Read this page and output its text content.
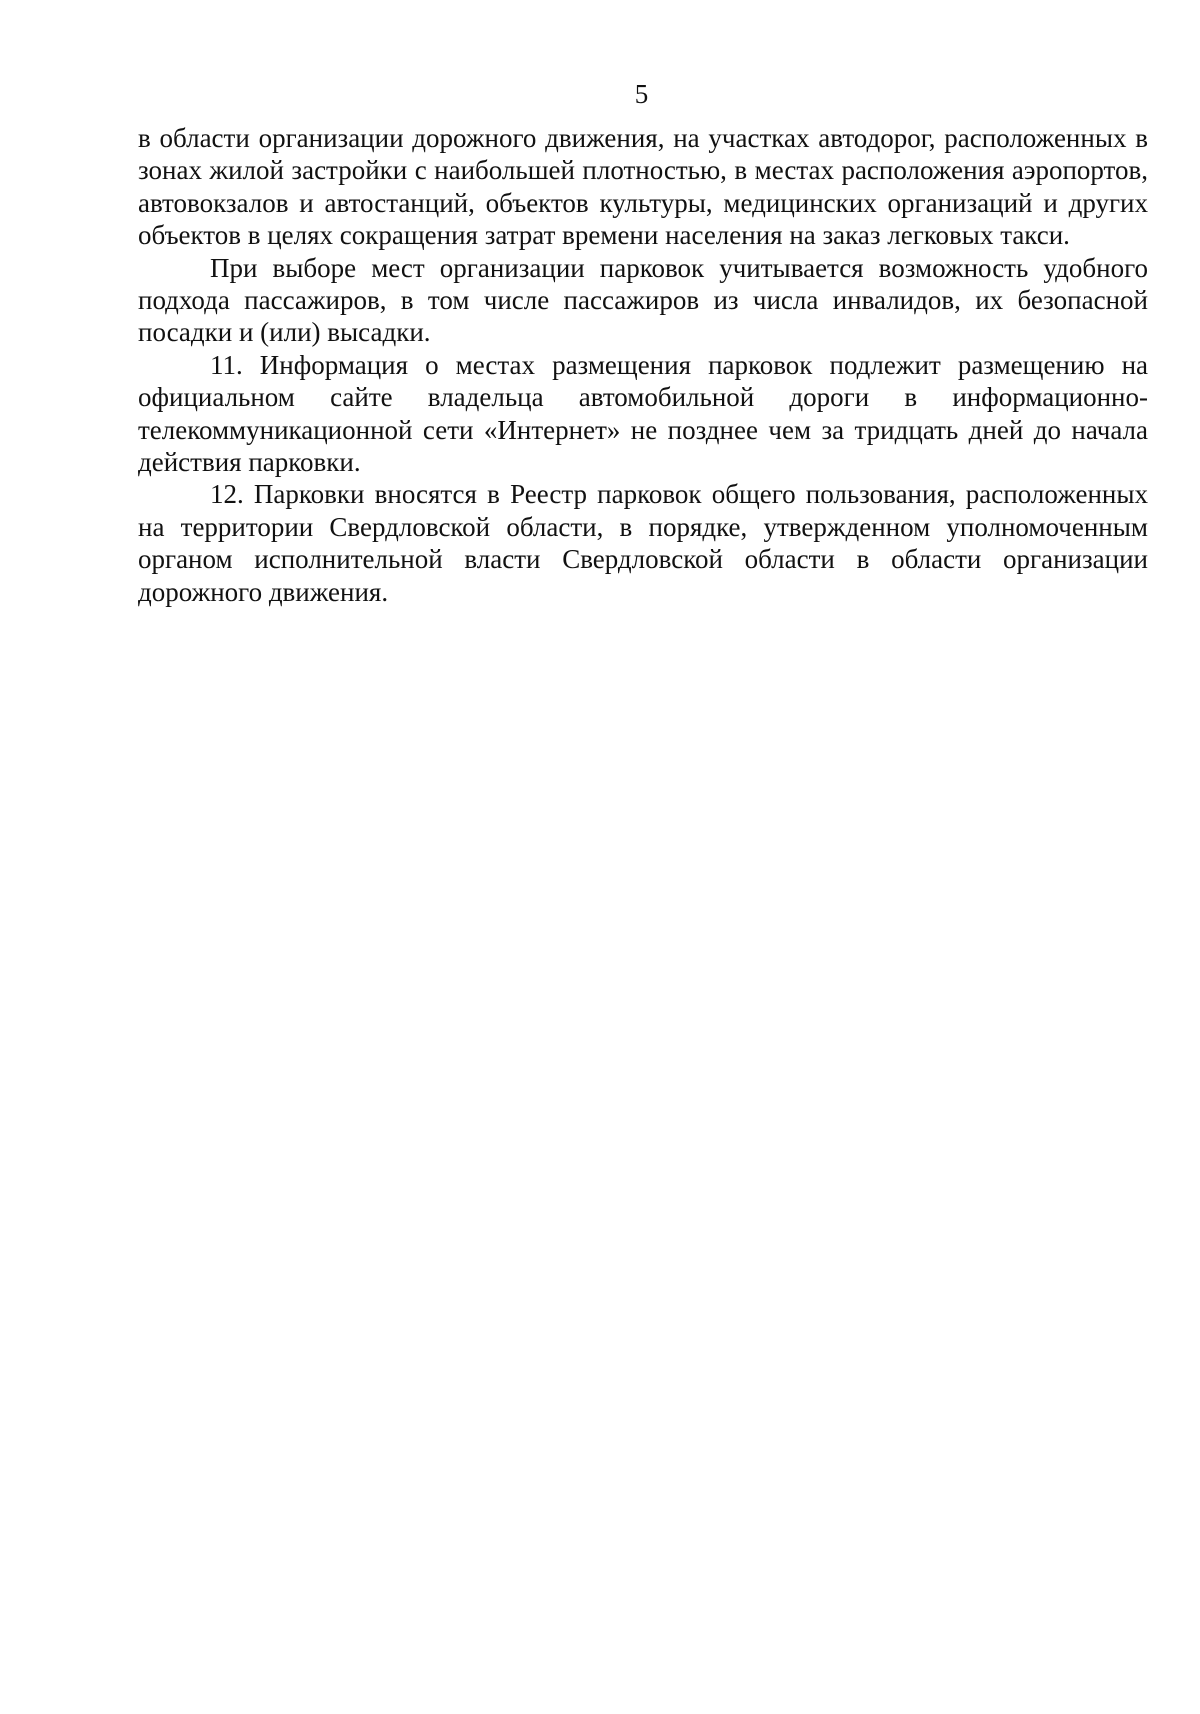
5

в области организации дорожного движения, на участках автодорог, расположенных в зонах жилой застройки с наибольшей плотностью, в местах расположения аэропортов, автовокзалов и автостанций, объектов культуры, медицинских организаций и других объектов в целях сокращения затрат времени населения на заказ легковых такси.

При выборе мест организации парковок учитывается возможность удобного подхода пассажиров, в том числе пассажиров из числа инвалидов, их безопасной посадки и (или) высадки.

11. Информация о местах размещения парковок подлежит размещению на официальном сайте владельца автомобильной дороги в информационно-телекоммуникационной сети «Интернет» не позднее чем за тридцать дней до начала действия парковки.

12. Парковки вносятся в Реестр парковок общего пользования, расположенных на территории Свердловской области, в порядке, утвержденном уполномоченным органом исполнительной власти Свердловской области в области организации дорожного движения.
